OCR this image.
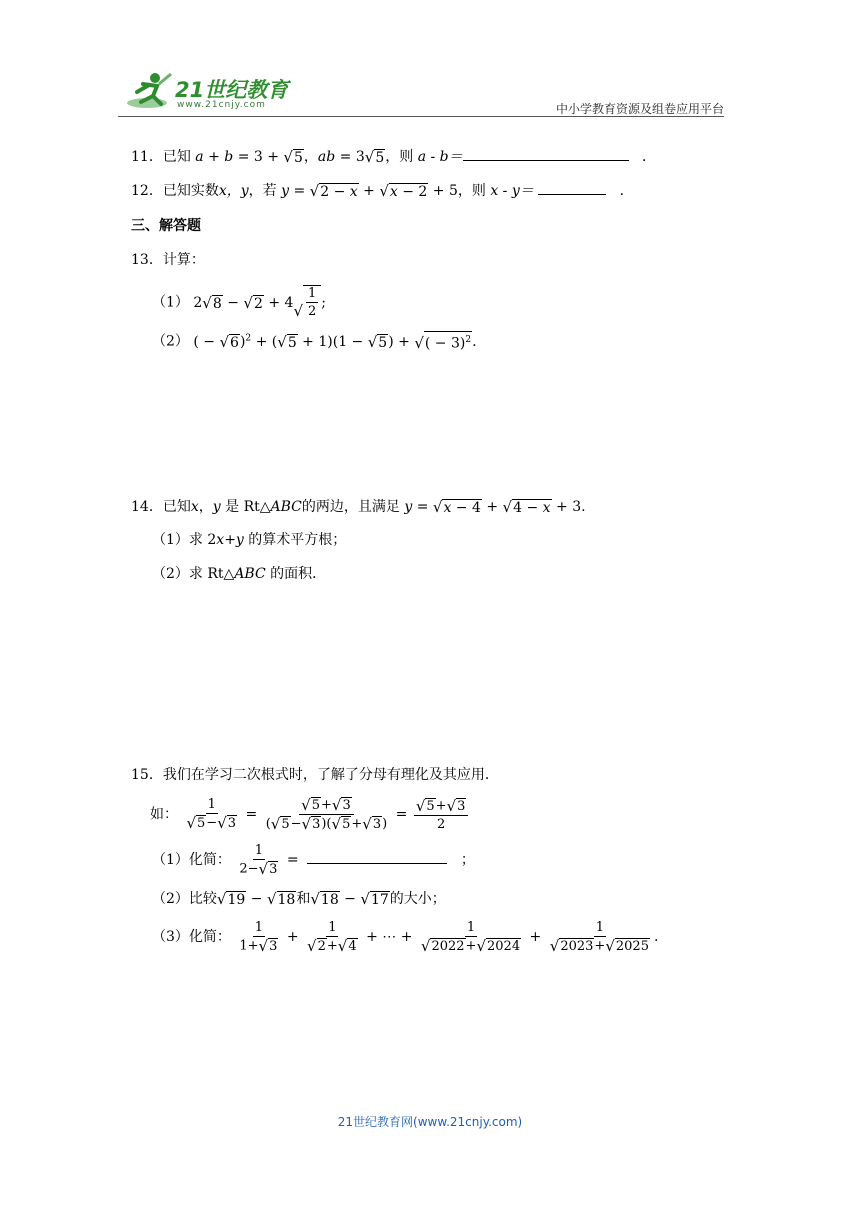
21世纪教育
www.21cnjy.com	中小学教育资源及组卷应用平台
11．已知 a + b = 3 + √ 5 ，ab = 3 √ 5 ，则 a - b＝	．
12．已知实数x，y，若 y = √ 2 − x + √ x − 2 + 5，则 x - y＝	．
三、解答题
13．计算：
（1） 2 √ 8 − √ 2 + 4 √ $\frac{1}{2}$ ;
（2） ( − √ 6 )$^2$ + ( √ 5 + 1)(1 − √ 5 ) + √ ( − 3)$^2$ .
14．已知x，y 是 Rt△ABC的两边，且满足 y = √ x − 4 + √ 4 − x + 3.
（1）求 2x+y 的算术平方根；
（2）求 Rt△ABC 的面积．
15．我们在学习二次根式时，了解了分母有理化及其应用．
如： $\frac{1}{√ 5 - √ 3} = \frac{√ 5 + √ 3}{( √ 5 - √ 3 )( √ 5 + √ 3 )} = \frac{√ 5 + √ 3}{2}$
（1）化简： $\frac{1}{2- √ 3}$ =	；
（2）比较 √ 19 − √ 18 和 √ 18 − √ 17 的大小；
（3）化简： $\frac{1}{1+ √ 3} + \frac{1}{√ 2 + √ 4}$ + ⋯ + $\frac{1}{√ 2022 + √ 2024} + \frac{1}{√ 2023 + √ 2025}$ .
21世纪教育网(www.21cnjy.com)
